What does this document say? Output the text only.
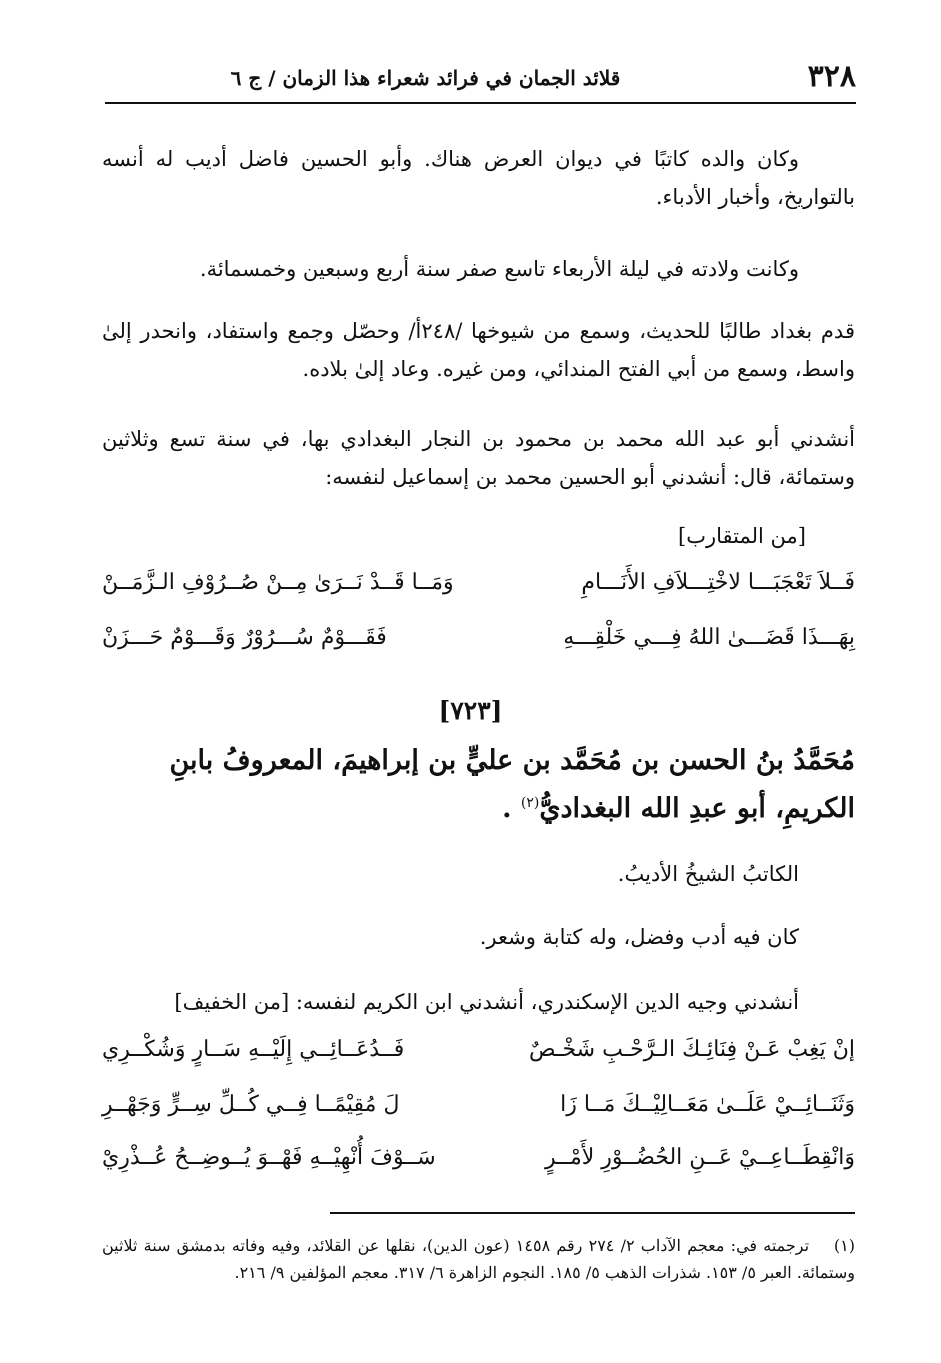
٣٢٨
قلائد الجمان في فرائد شعراء هذا الزمان / ج ٦

وكان والده كاتبًا في ديوان العرض هناك. وأبو الحسين فاضل أديب له أنسه بالتواريخ، وأخبار الأدباء.

وكانت ولادته في ليلة الأربعاء تاسع صفر سنة أربع وسبعين وخمسمائة.

قدم بغداد طالبًا للحديث، وسمع من شيوخها /٢٤٨أ/ وحصّل وجمع واستفاد، وانحدر إلىٰ واسط، وسمع من أبي الفتح المندائي، ومن غيره. وعاد إلىٰ بلاده.

أنشدني أبو عبد الله محمد بن محمود بن النجار البغدادي بها، في سنة تسع وثلاثين وستمائة، قال: أنشدني أبو الحسين محمد بن إسماعيل لنفسه:

[من المتقارب]
فَــلاَ تَعْجَبَـــا لاخْتِـــلاَفِ الأَنَـــامِ
وَمَــا قَــدْ نَــرَىٰ مِــنْ صُــرُوْفِ الـزَّمَــنْ
بِهَـــذَا قَضَـــىٰ اللهُ فِـــي خَلْقِـــهِ
فَقَـــوْمٌ سُـــرُوْرٌ وَقَـــوْمٌ حَـــزَنْ
[٧٢٣]
مُحَمَّدُ بنُ الحسن بن مُحَمَّد بن عليٍّ بن إبراهيمَ، المعروفُ بابنِ
الكريمِ، أبو عبدِ الله البغداديُّ$^{(٢)}$ .

الكاتبُ الشيخُ الأديبُ.

كان فيه أدب وفضل، وله كتابة وشعر.

أنشدني وجيه الدين الإسكندري، أنشدني ابن الكريم لنفسه: [من الخفيف]

إنْ يَغِبْ عَـنْ فِنَائِـكَ الـرَّحْـبِ شَخْـصٌ
فَــدُعَــائِــي إِلَيْــهِ سَــارٍ وَشُكْــرِي
وَثَنَــائِــيْ عَلَــىٰ مَعَــالِيْــكَ مَــا زَا
لَ مُقِيْمًــا فِــي كُــلِّ سِــرٍّ وَجَهْــرِ
وَانْقِطَــاعِــيْ عَــنِ الحُضُــوْرِ لأَمْــرٍ
سَــوْفَ أُنْهِيْــهِ فَهْــوَ يُــوضِــحُ عُــذْرِيْ
(١)    ترجمته في: معجم الآداب ٢/ ٢٧٤ رقم ١٤٥٨ (عون الدين)، نقلها عن القلائد، وفيه وفاته بدمشق سنة ثلاثين وستمائة. العبر ٥/ ١٥٣. شذرات الذهب ٥/ ١٨٥. النجوم الزاهرة ٦/ ٣١٧. معجم المؤلفين ٩/ ٢١٦.
